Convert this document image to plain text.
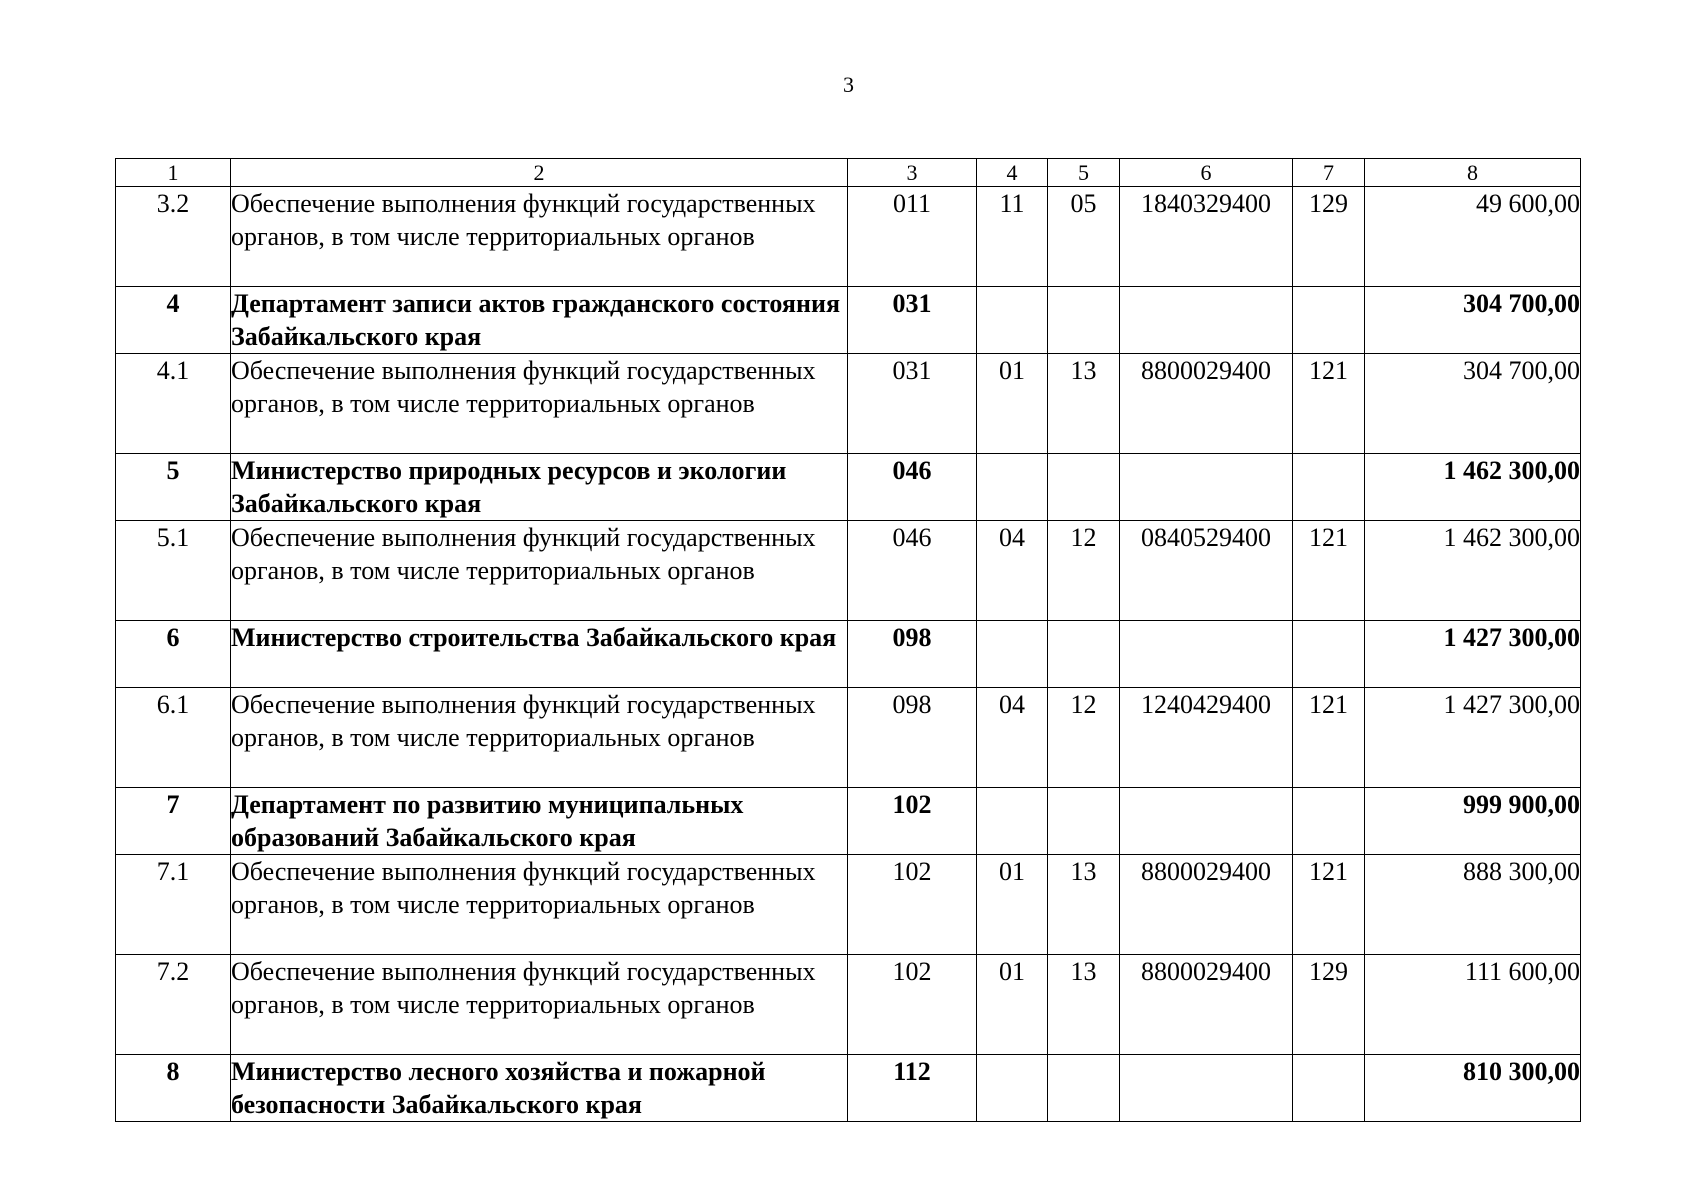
3
1	2	3	4	5	6	7	8
3.2	Обеспечение выполнения функций государственных органов, в том числе территориальных органов	011	11	05	1840329400	129	49 600,00
4	Департамент записи актов гражданского состояния Забайкальского края	031					304 700,00
4.1	Обеспечение выполнения функций государственных органов, в том числе территориальных органов	031	01	13	8800029400	121	304 700,00
5	Министерство природных ресурсов и экологии Забайкальского края	046					1 462 300,00
5.1	Обеспечение выполнения функций государственных органов, в том числе территориальных органов	046	04	12	0840529400	121	1 462 300,00
6	Министерство строительства Забайкальского края	098					1 427 300,00
6.1	Обеспечение выполнения функций государственных органов, в том числе территориальных органов	098	04	12	1240429400	121	1 427 300,00
7	Департамент по развитию муниципальных образований Забайкальского края	102					999 900,00
7.1	Обеспечение выполнения функций государственных органов, в том числе территориальных органов	102	01	13	8800029400	121	888 300,00
7.2	Обеспечение выполнения функций государственных органов, в том числе территориальных органов	102	01	13	8800029400	129	111 600,00
8	Министерство лесного хозяйства и пожарной безопасности Забайкальского края	112					810 300,00
